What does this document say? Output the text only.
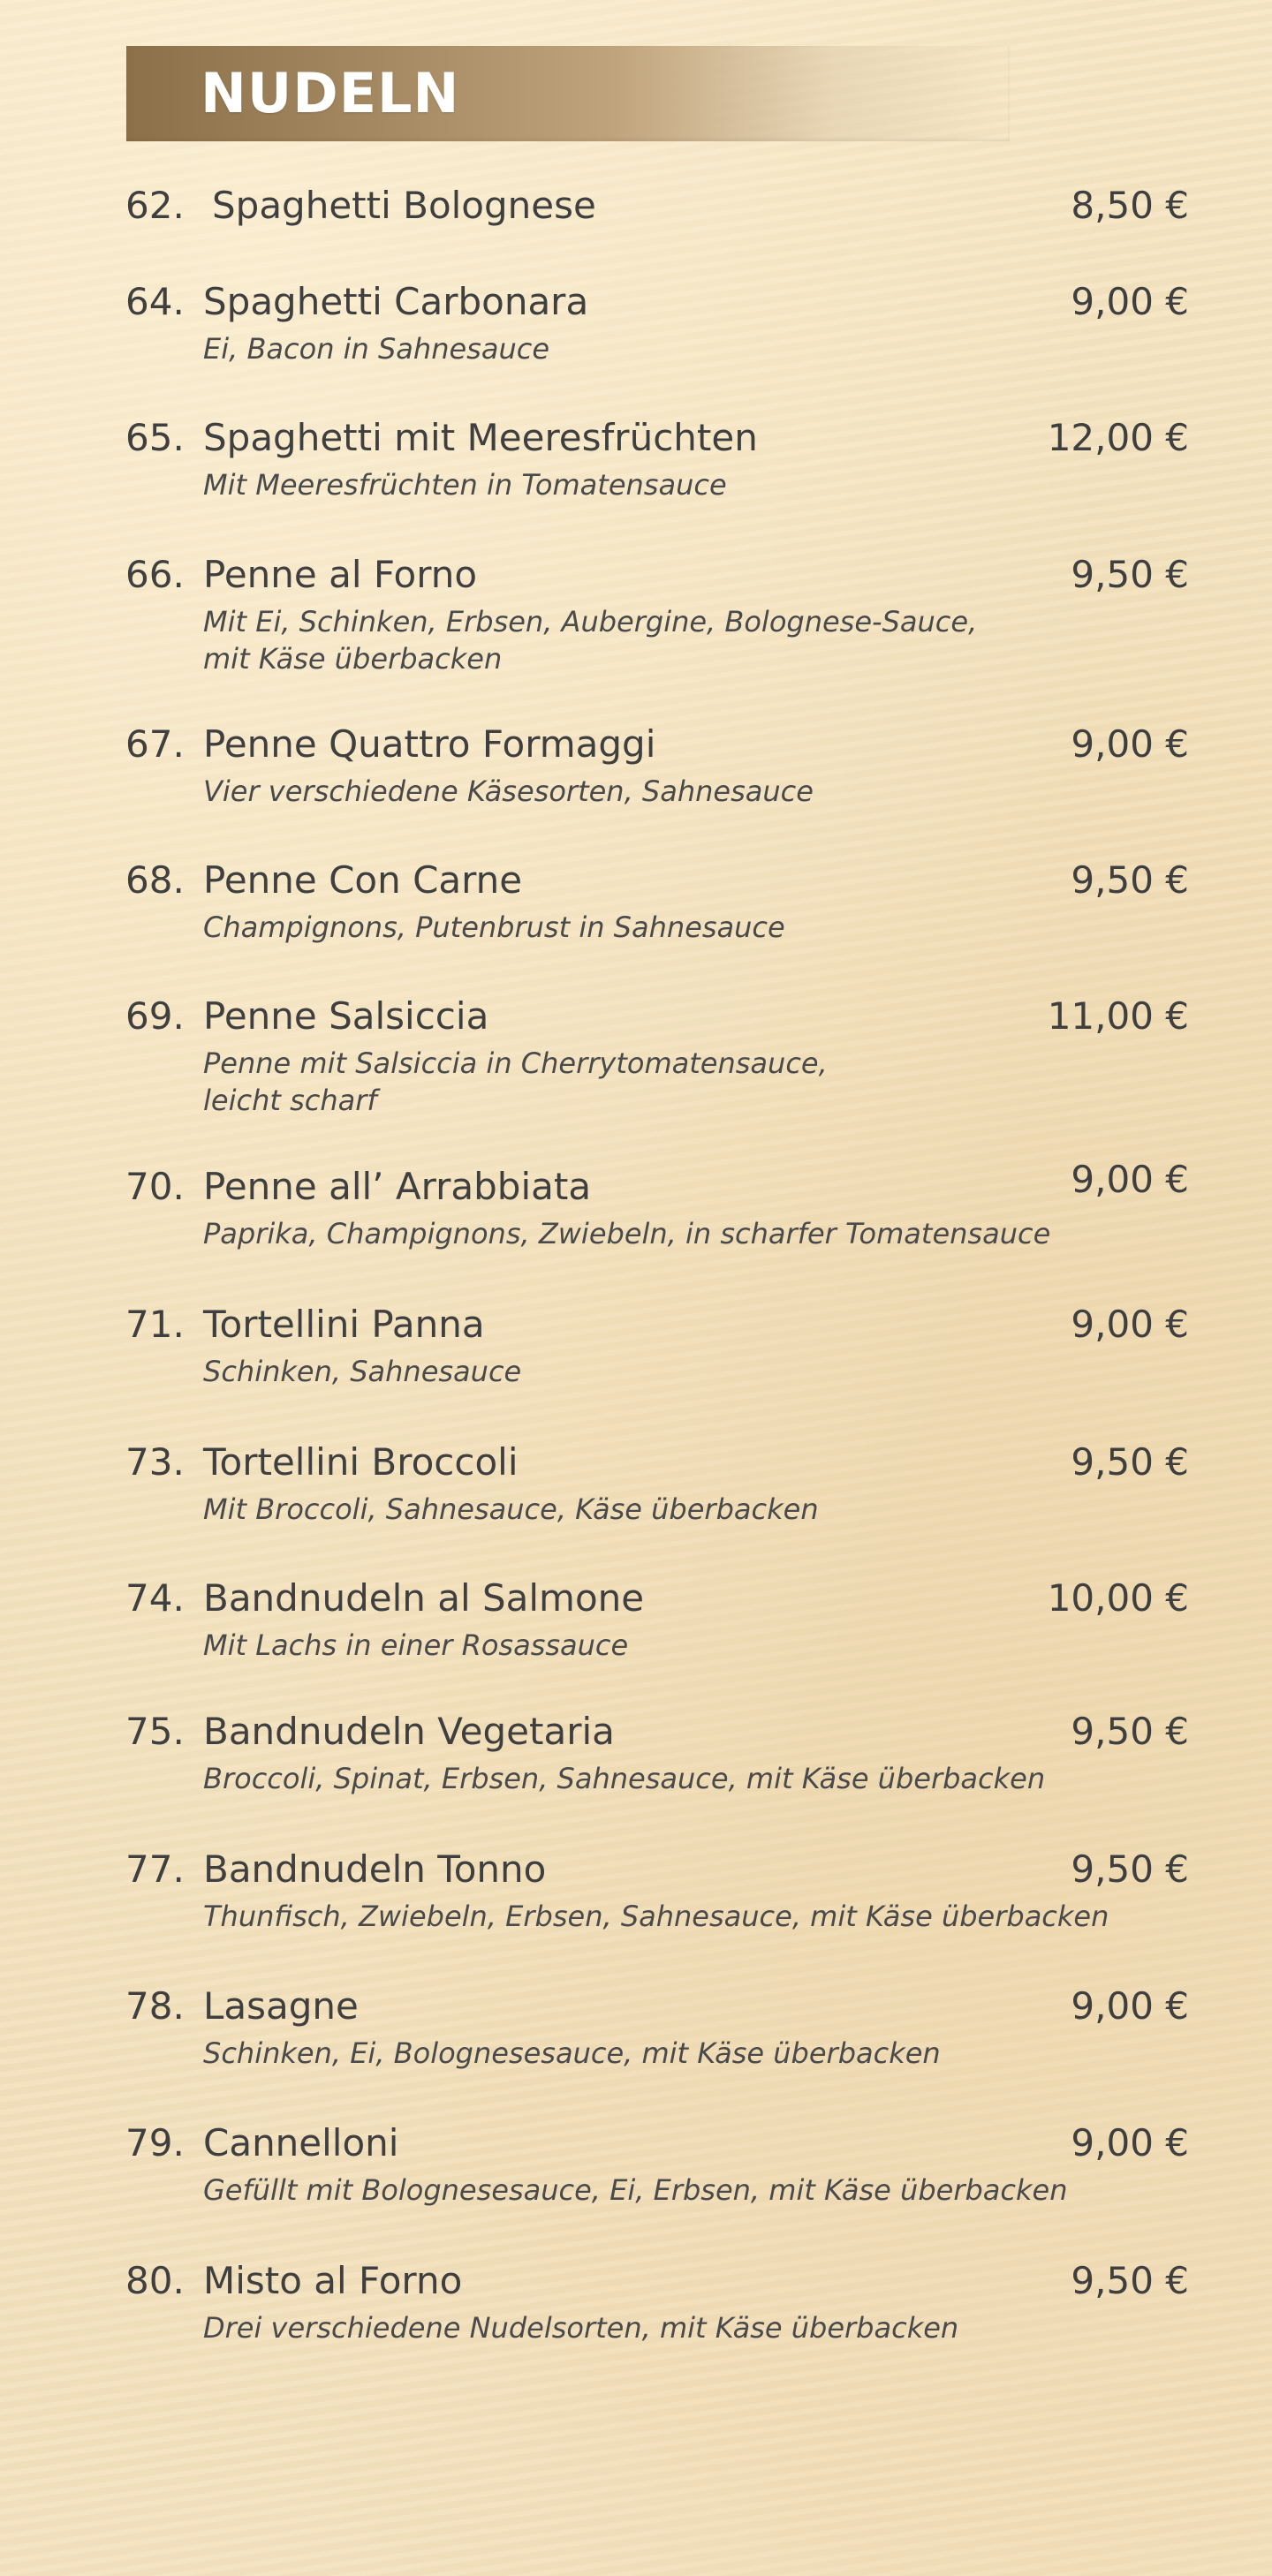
NUDELN
62. Spaghetti Bolognese	8,50 €
64. Spaghetti Carbonara	9,00 €
Ei, Bacon in Sahnesauce
65. Spaghetti mit Meeresfrüchten	12,00 €
Mit Meeresfrüchten in Tomatensauce
66. Penne al Forno	9,50 €
Mit Ei, Schinken, Erbsen, Aubergine, Bolognese-Sauce,
mit Käse überbacken
67. Penne Quattro Formaggi	9,00 €
Vier verschiedene Käsesorten, Sahnesauce
68. Penne Con Carne	9,50 €
Champignons, Putenbrust in Sahnesauce
69. Penne Salsiccia	11,00 €
Penne mit Salsiccia in Cherrytomatensauce,
leicht scharf
70. Penne all’ Arrabbiata	9,00 €
Paprika, Champignons, Zwiebeln, in scharfer Tomatensauce
71. Tortellini Panna	9,00 €
Schinken, Sahnesauce
73. Tortellini Broccoli	9,50 €
Mit Broccoli, Sahnesauce, Käse überbacken
74. Bandnudeln al Salmone	10,00 €
Mit Lachs in einer Rosassauce
75. Bandnudeln Vegetaria	9,50 €
Broccoli, Spinat, Erbsen, Sahnesauce, mit Käse überbacken
77. Bandnudeln Tonno	9,50 €
Thunfisch, Zwiebeln, Erbsen, Sahnesauce, mit Käse überbacken
78. Lasagne	9,00 €
Schinken, Ei, Bolognesesauce, mit Käse überbacken
79. Cannelloni	9,00 €
Gefüllt mit Bolognesesauce, Ei, Erbsen, mit Käse überbacken
80. Misto al Forno	9,50 €
Drei verschiedene Nudelsorten, mit Käse überbacken
